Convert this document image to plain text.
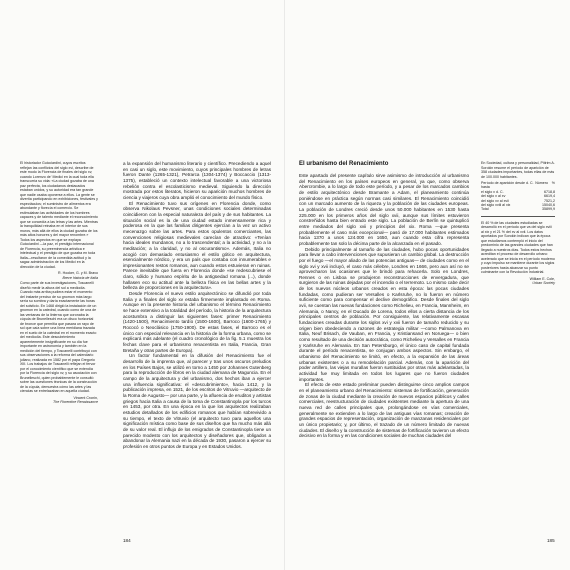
El historiador Guicciardini, cuyos escritos reflejan las conflictos del siglo xvi, describe de este modo la Florencia de finales del siglo xv, cuando Lorenzo de' Medici en la cual toda ella transcurría su vida: «La ciudad gozaba de una paz perfecta, los ciudadanos destacados estaban unidos, y su autoridad era tan grande que nadie osaba oponerse a ellos. La gente se divertía participando en exhibiciones, festivales y espectáculos; el suministro de alimentos era abundante y florecía el comercio. Se estimulaban las actividades de los hombres capaces y de talento mediante el reconocimiento que se concedía a las letras y las artes. Mientras la tranquilidad reinaba en el interior de sus muros, más allá de ellos la ciudad gozaba de los más altos honores y del mayor renombre.» Todos los aspectos en que se explaya Guicciardini —la paz, el prestigio internacional de Florencia, su preeminencia artística e intelectual y el prestigio de que gozaba en toda Italia—resultaron de la comedida actitud y la sagaz administración de los Medici en la dirección de la ciudad.

R. Hooker, G. y M. Bravo
Breve historia de Italia

Como parte de sus investigaciones, Toscanelli diseñó medir la altura del sol a mediodía. Cuando más arriba pudiera estar el momento del instante preciso de su gnomon más largo sería su sombra y daría exactamente las horas del solsticio. En 1468 dirigió la instalación de un gnomon en la catedral, cuando como de una de las ventanas de la linterna que coronaba la cúpula de Brunelleschi era un disco horizontal de bronce que permitía que pasara un rayo de sol que caía sobre una línea meridiana trazada en el suelo de la catedral en el momento exacto del mediodía. Este descubrimiento aparentemente insignificante en su día fue importante en astronomía y también en la medición del tiempo, y Toscanelli contribuyó con sus observaciones a la reforma del calendario juliano, realizada en 1582 por el papa Gregorio XIII. Los trabajos de Toscanelli reflejan el fervor por el conocimiento científico que se extendía por la Florencia del siglo xv, y su asociación con Brunelleschi, quien probablemente le consultó sobre las cuestiones técnicas de la construcción de la cúpula, demuestra cómo las artes y las ciencias se entrelazaban en aquella ciudad.

Vincent Cronin,
The Florentine Renaissance

a la expansión del humanismo literario y científico. Precediendo a aquel en casi un siglo, este movimiento, cuyos principales hombres de letras fueron Dante (1265-1321), Petrarca (1304-1374) y Boccaccio (1313-1375), estableció un contexto intelectual favorable a una victoriosa rebelión contra el escolasticismo medieval. Siguiendo la dirección mostrada por estos literatos, hicieron su aparición muchos hombres de ciencia y viajeros cuya obra amplió el conocimiento del mundo físico.

El Renacimiento tuvo sus orígenes en Florencia donde, como observa Nikolaus Pevsner, unas condiciones sociales determinadas coincidieron con la especial naturaleza del país y de sus habitantes. La situación social es la de una ciudad estado inmensamente rica y poderosa en la que las familias dirigentes ejercían a la vez un activo mecenazgo sobre las artes. Para estos opulentos comerciantes, las convenciones religiosas medievales carecían de atractivo: «Tenían hacia ideales mundanos, no a lo trascendental; a la actividad, y no a la meditación; a la claridad, y no al oscurantismo». Además, Italia no acogió con demasiado entusiasmo el estilo gótico en arquitectura, esencialmente nórdico, y era un país que contaba con innumerables e impresionantes restos romanos, aun cuando estos estuvieran en ruinas. Parece inevitable que fuera en Florencia donde «se redescubriese el claro, sólido y humano espíritu de la antigüedad romana (...), donde hallasen eco su actitud ante la belleza física en las bellas artes y la belleza de proporciones en la arquitectura».

Desde Florencia el nuevo estilo arquitectónico se difundió por toda Italia y a finales del siglo xv estaba firmemente implantado en Roma. Aunque en la presente historia del urbanismo el término Renacimiento se hace extensivo a la totalidad del período, la historia de la arquitectura acostumbra a distinguir las siguientes fases: primer Renacimiento (1420-1500), Renacimiento tardío (1500-1600), Barroco (1600-1765) y Rococó o Neoclásico (1750-1900). De estas fases, el Barroco es el único con especial relevancia en la historia de la forma urbana, como se explicará más adelante (el cuadro cronológico de la fig. 5.1 muestra los fechas clave para el urbanismo renacentista en Italia, Francia, Gran Bretaña y otras partes de Europa).

Un factor fundamental en la difusión del Renacimiento fue el desarrollo de la imprenta que, al parecer y tras unos oscuros preludios en los Países Bajos, se utilizó en torno a 1450 por Johannes Gutenberg para la reproducción de libros en la ciudad alemana de Maguncia. En el campo de la arquitectura y del urbanismo, dos hechos iban a ejercer una influencia significativa: el «descubrimiento», hacia 1412, y la publicación impresa, en 1521, de los escritos de Vitruvio —arquitecto de la Roma de Augusto— por una parte, y la afluencia de eruditos y artistas griegos hacia Italia a causa de la toma de Constantinopla por los turcos en 1453, por otra. En una época en la que los arquitectos realizaban estudios detallados de los edificios romanos que habían sobrevivido a su tiempo, el texto de Vitruvio (el arquitecto tuvo para aquellos una significación mística como base de sus diseños que ha mucho más allá de su valor real. El influjo de los emigrados de Constantinopla tiene un parecido modesto con los arquitectos y diseñadores que, obligados a abandonar la Alemania nazi en la década de 1930, pasaron a ejercer su profesión en otros puntos de Europa y en Estados Unidos.

184
El urbanismo del Renacimiento

Este apartado del presente capítulo sirve asimismo de introducción al urbanismo del Renacimiento en los países europeos en general, ya que, como observa Abercrombie, a lo largo de todo este período, y a pesar de los marcados cambios de estilo arquitectónico desde Bramante a Adam, el planeamiento continúa poniéndose en práctica según normas casi similares. El Renacimiento coincidió con un marcado aumento de la riqueza y la población de las ciudades europeas. La población de Londres creció desde unos 50.000 habitantes en 1530 hasta 225.000 en los primeros años del siglo xvii, aunque sus límites estuvieron constreñidos hasta bien entrado este siglo. La población de Berlín se quintuplicó entre mediados del siglo xvii y principios del xix. Roma —que presenta probablemente el caso más excepcional— pasó de 17.000 habitantes estimados hacia 1370 a unos 124.000 en 1650, aun cuando esta cifra representa probablemente tan solo la décima parte de la alcanzada en el pasado.

Debido principalmente al tamaño de las ciudades, hubo pocas oportunidades para llevar a cabo intervenciones que supusieran un cambio global. La destrucción por el fuego —el mayor aliado de las potencias antiguas— de ciudades como en el siglo xvi y xvii incluyó, el caso más célebre, Londres en 1666, pero aun así no se aprovecharon las ocasiones que le brindó para rehacerla. Solo en Londres, Rennes o en Lisboa se produjeron reconstrucciones de envergadura, que surgieron de las ruinas dejadas por el incendio o el terremoto. Lo mismo cabe decir de los nuevos núcleos urbanos creados en esta época: las pocas ciudades fundadas, como pudieran ser Versalles o Karlsruhe, no lo fueron en número suficiente como para compensar el declive demográfico. Desde finales del siglo xvii, se cuentan las nuevas fundaciones como Richelieu, en Francia, Mannheim, en Alemania, o Nancy, en el Ducado de Lorena, todos ellos a cierta distancia de los principales centros de población. Por consiguiente, las relativamente escasas fundaciones creadas durante los siglos xvi y xvii fueron de tamaño reducido y su origen bien obedeciendo a razones de estrategia militar —como Palmanova en Italia, Neuf Brisach, de Vauban, en Francia, y Kristiansand en Noruega— o bien como resultado de una decisión autocrática, como Richelieu y Versalles en Francia y Karlsruhe en Alemania. En San Petersburgo, el único caso de capital fundada durante el período renacentista, se conjugan ambos aspectos. Sin embargo, el urbanismo del Renacimiento se limitó, en efecto, a la expansión de las áreas urbanas existentes o a su remodelación parcial. Además, con la aparición del poder artillero, las viejas murallas fueron sustituidas por otras más adelantadas, la actividad fue muy limitada en todos los lugares que no fueron ciudades importantes.

El efecto de este estado preliminar pueden distinguirse cinco amplios campos en el planeamiento urbano del Renacimiento: sistemas de fortificación, generación de zonas de la ciudad mediante la creación de nuevos espacios públicos y calles comerciales, reestructuración de ciudades existentes mediante la apertura de una nueva red de calles principales que, prolongándose en vías comerciales, generalmente se extienden a lo largo de las antiguas vías romanas; creación de grandes espacios de representación, organización de manzanas residenciales por un único propietario; y, por último, el trazado de un número limitado de nuevas ciudades. El diseño y la construcción de sistemas de fortificación tuvieron un efecto decisivo en la forma y en las condiciones sociales de muchas ciudades del

En Sociedad, cultura y personalidad, Pitirim A. Sorokin resume el período de aparición de 358 ciudades importantes, todas ellas de más de 100.000 habitantes.

Período de aparición desde d. C. hasta	Número	%
el siglo x d. C.	67	18,8
del siglo x al xv	66	19,4
del siglo xv al xvii	75	21,2
del siglo xviii al xix	150	40,6
Total	358	99,9

El 40 % de las ciudades estudiadas se desarrolló en el período que va del siglo xviii al xix y el 21 % del xv al xvii. Los datos aportados por Sorokin indican que la época que estudiamos contempló el inicio del predominio de las grandes ciudades que han llegado a nuestros días. Todos estos hechos acreditan el proceso de desarrollo urbano acelerado que se inicia en el período moderno y cuyo impulso se mantiene durante los siglos posteriores hasta alcanzar su punto culminante con la Revolución Industrial.

William E. Cole,
Urban Society
185
